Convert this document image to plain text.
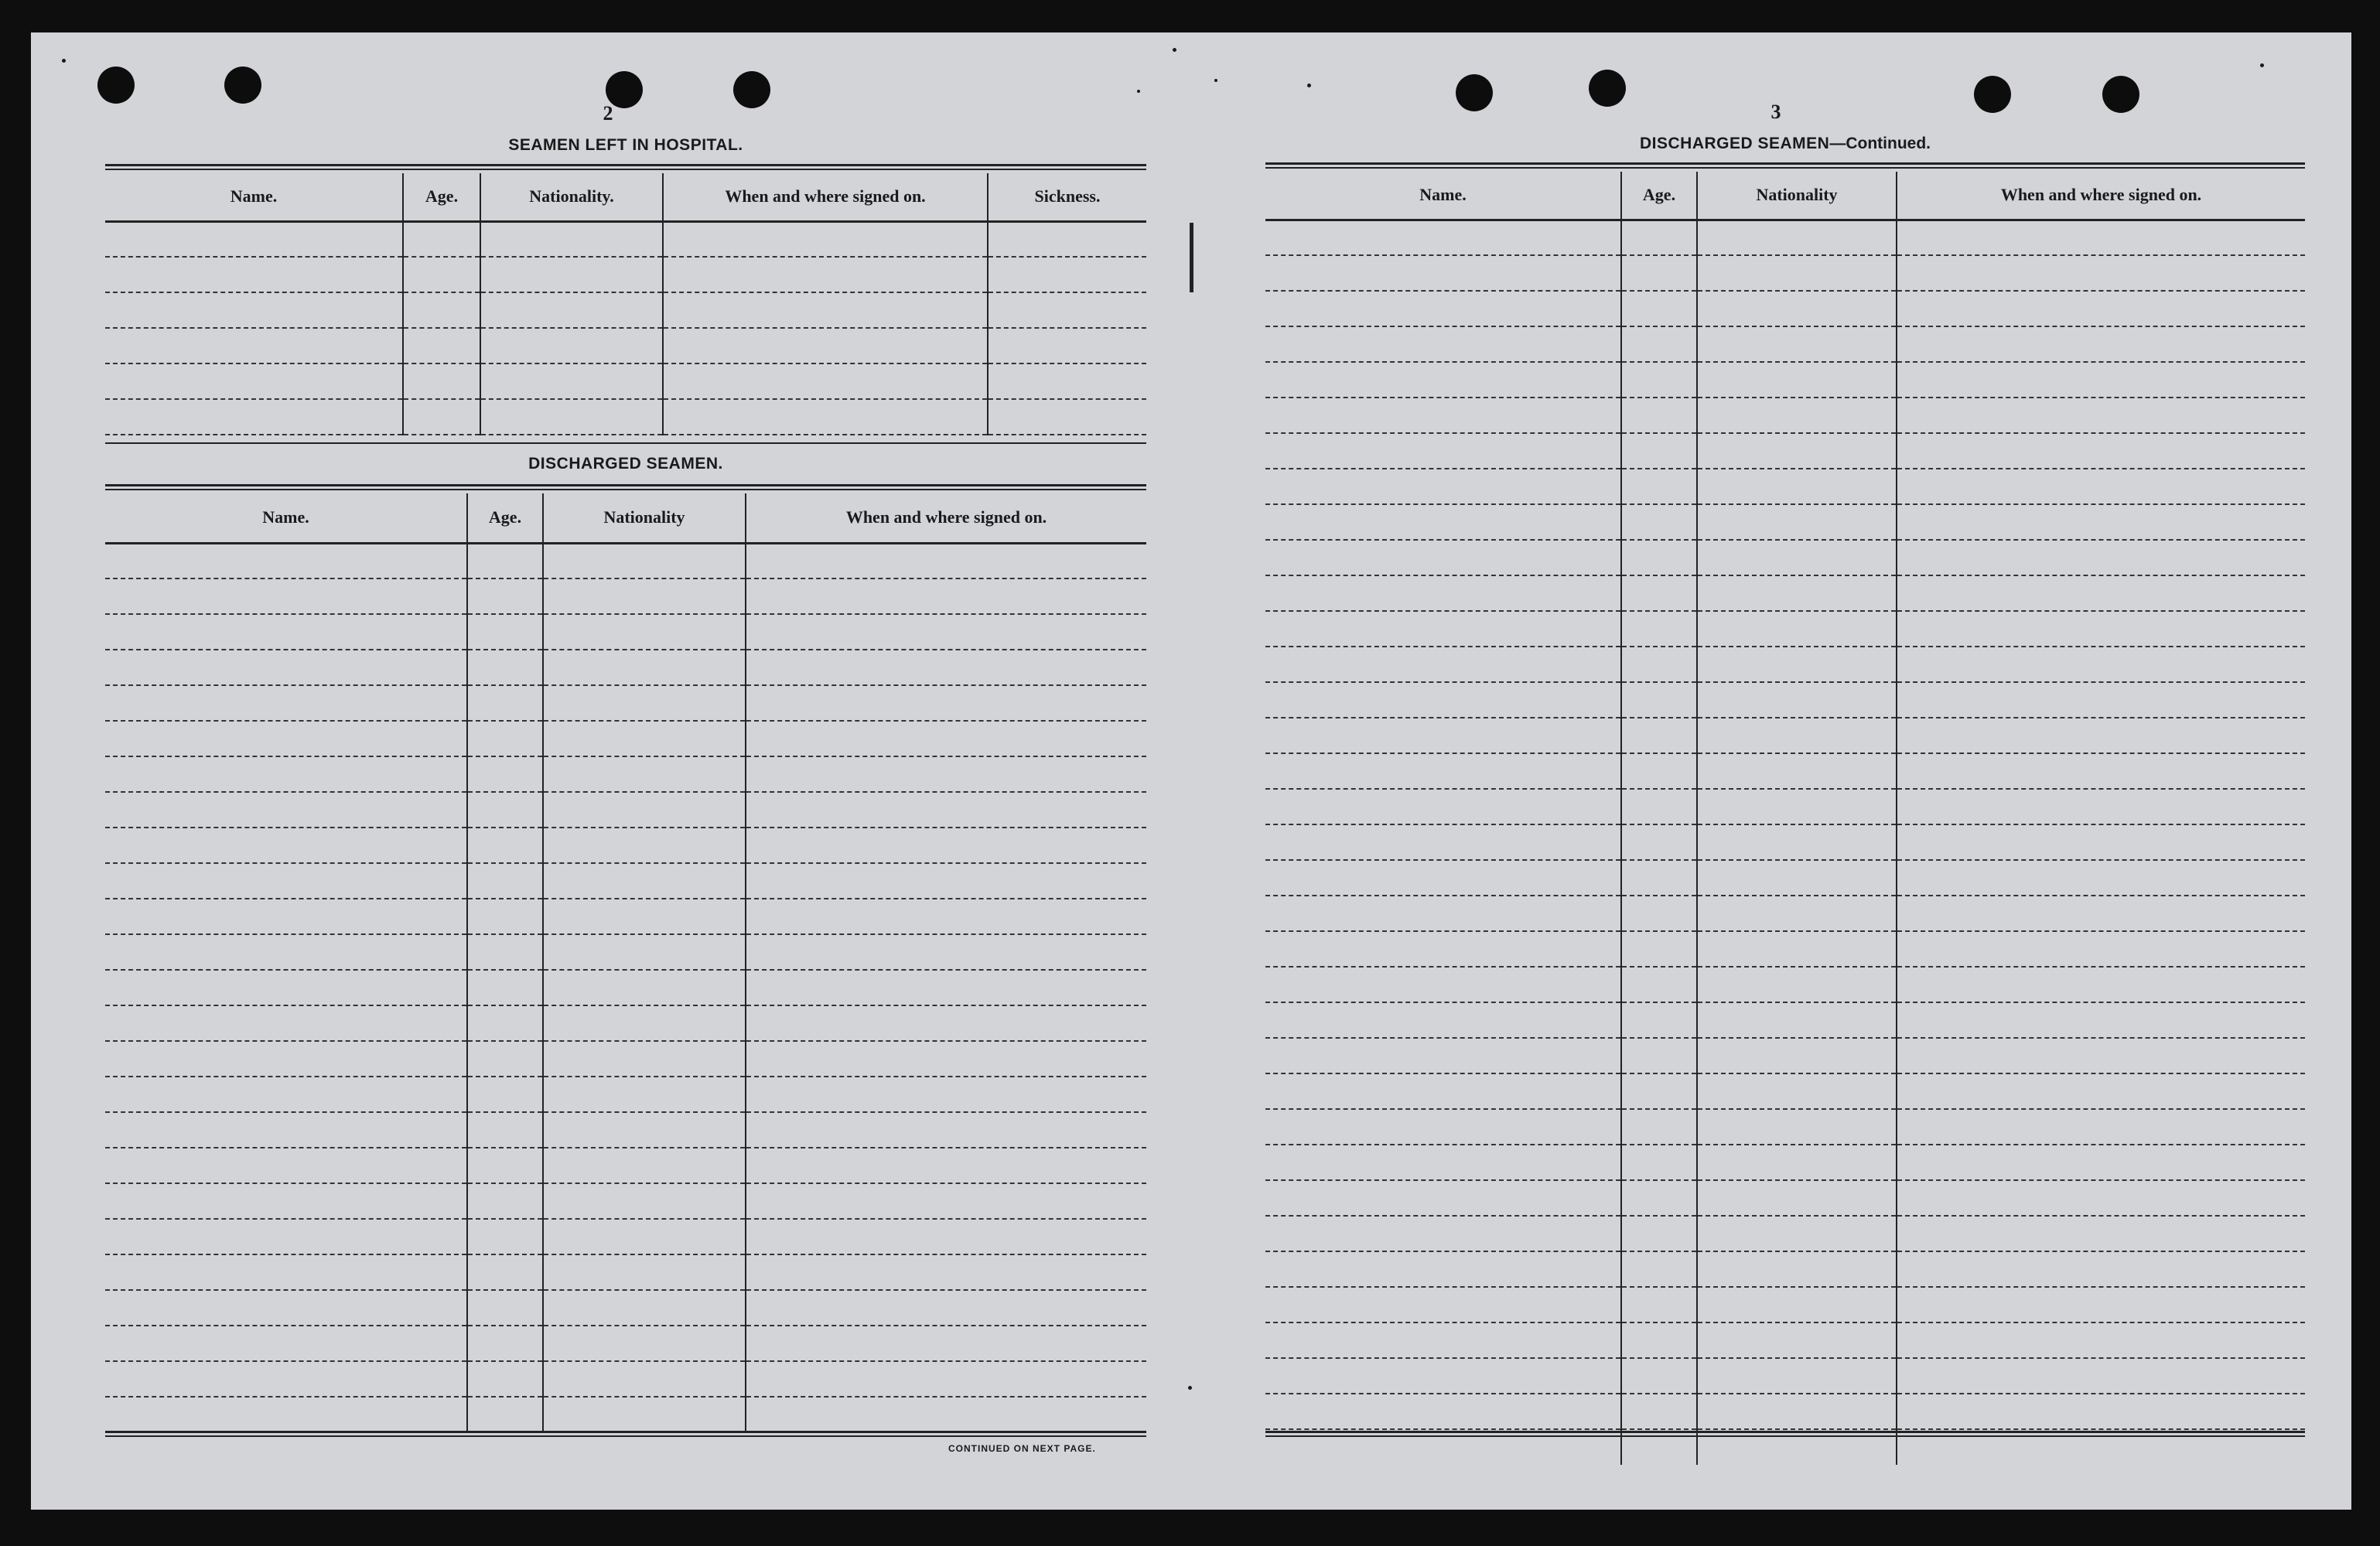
2
SEAMEN LEFT IN HOSPITAL.
Name.	Age.	Nationality.	When and where signed on.	Sickness.

DISCHARGED SEAMEN.
Name.	Age.	Nationality	When and where signed on.

CONTINUED ON NEXT PAGE.
3
DISCHARGED SEAMEN—Continued.
Name.	Age.	Nationality	When and where signed on.
